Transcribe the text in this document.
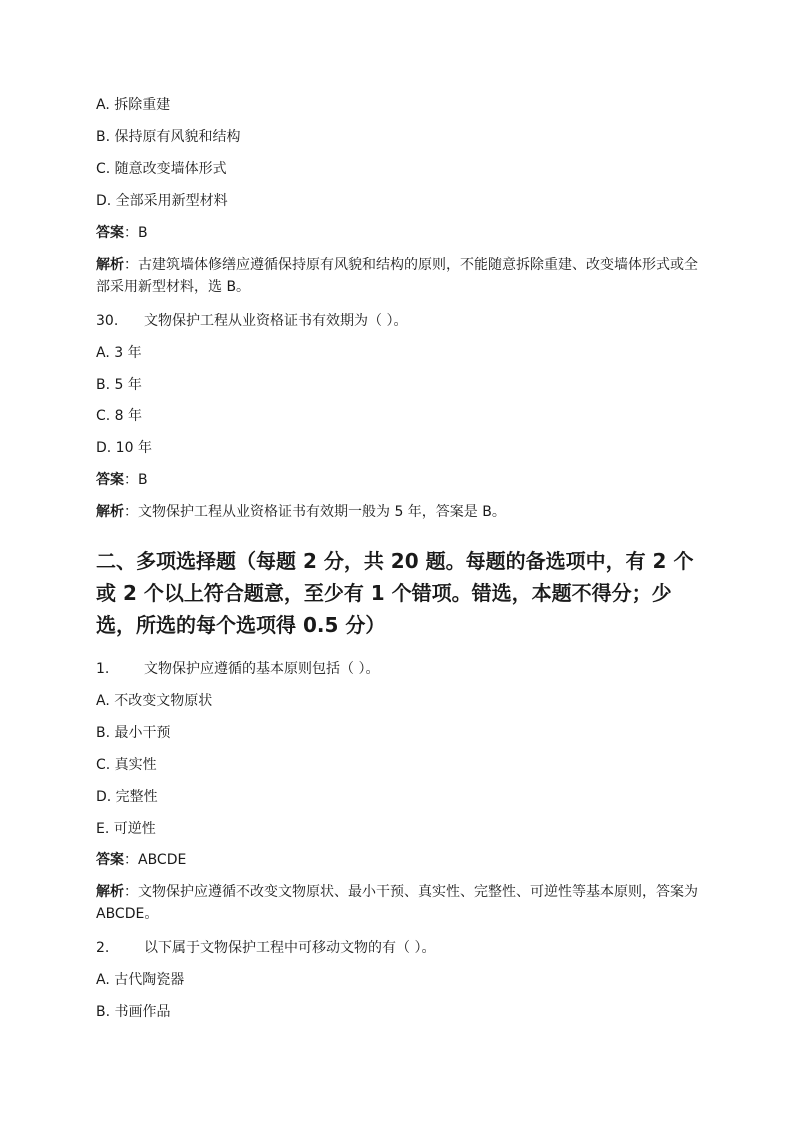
A. 拆除重建
B. 保持原有风貌和结构
C. 随意改变墙体形式
D. 全部采用新型材料
答案：B
解析：古建筑墙体修缮应遵循保持原有风貌和结构的原则，不能随意拆除重建、改变墙体形式或全部采用新型材料，选 B。
30. 文物保护工程从业资格证书有效期为（ ）。
A. 3 年
B. 5 年
C. 8 年
D. 10 年
答案：B
解析：文物保护工程从业资格证书有效期一般为 5 年，答案是 B。
二、多项选择题（每题 2 分，共 20 题。每题的备选项中，有 2 个或 2 个以上符合题意，至少有 1 个错项。错选，本题不得分；少选，所选的每个选项得 0.5 分）
1. 文物保护应遵循的基本原则包括（ ）。
A. 不改变文物原状
B. 最小干预
C. 真实性
D. 完整性
E. 可逆性
答案：ABCDE
解析：文物保护应遵循不改变文物原状、最小干预、真实性、完整性、可逆性等基本原则，答案为 ABCDE。
2. 以下属于文物保护工程中可移动文物的有（ ）。
A. 古代陶瓷器
B. 书画作品
